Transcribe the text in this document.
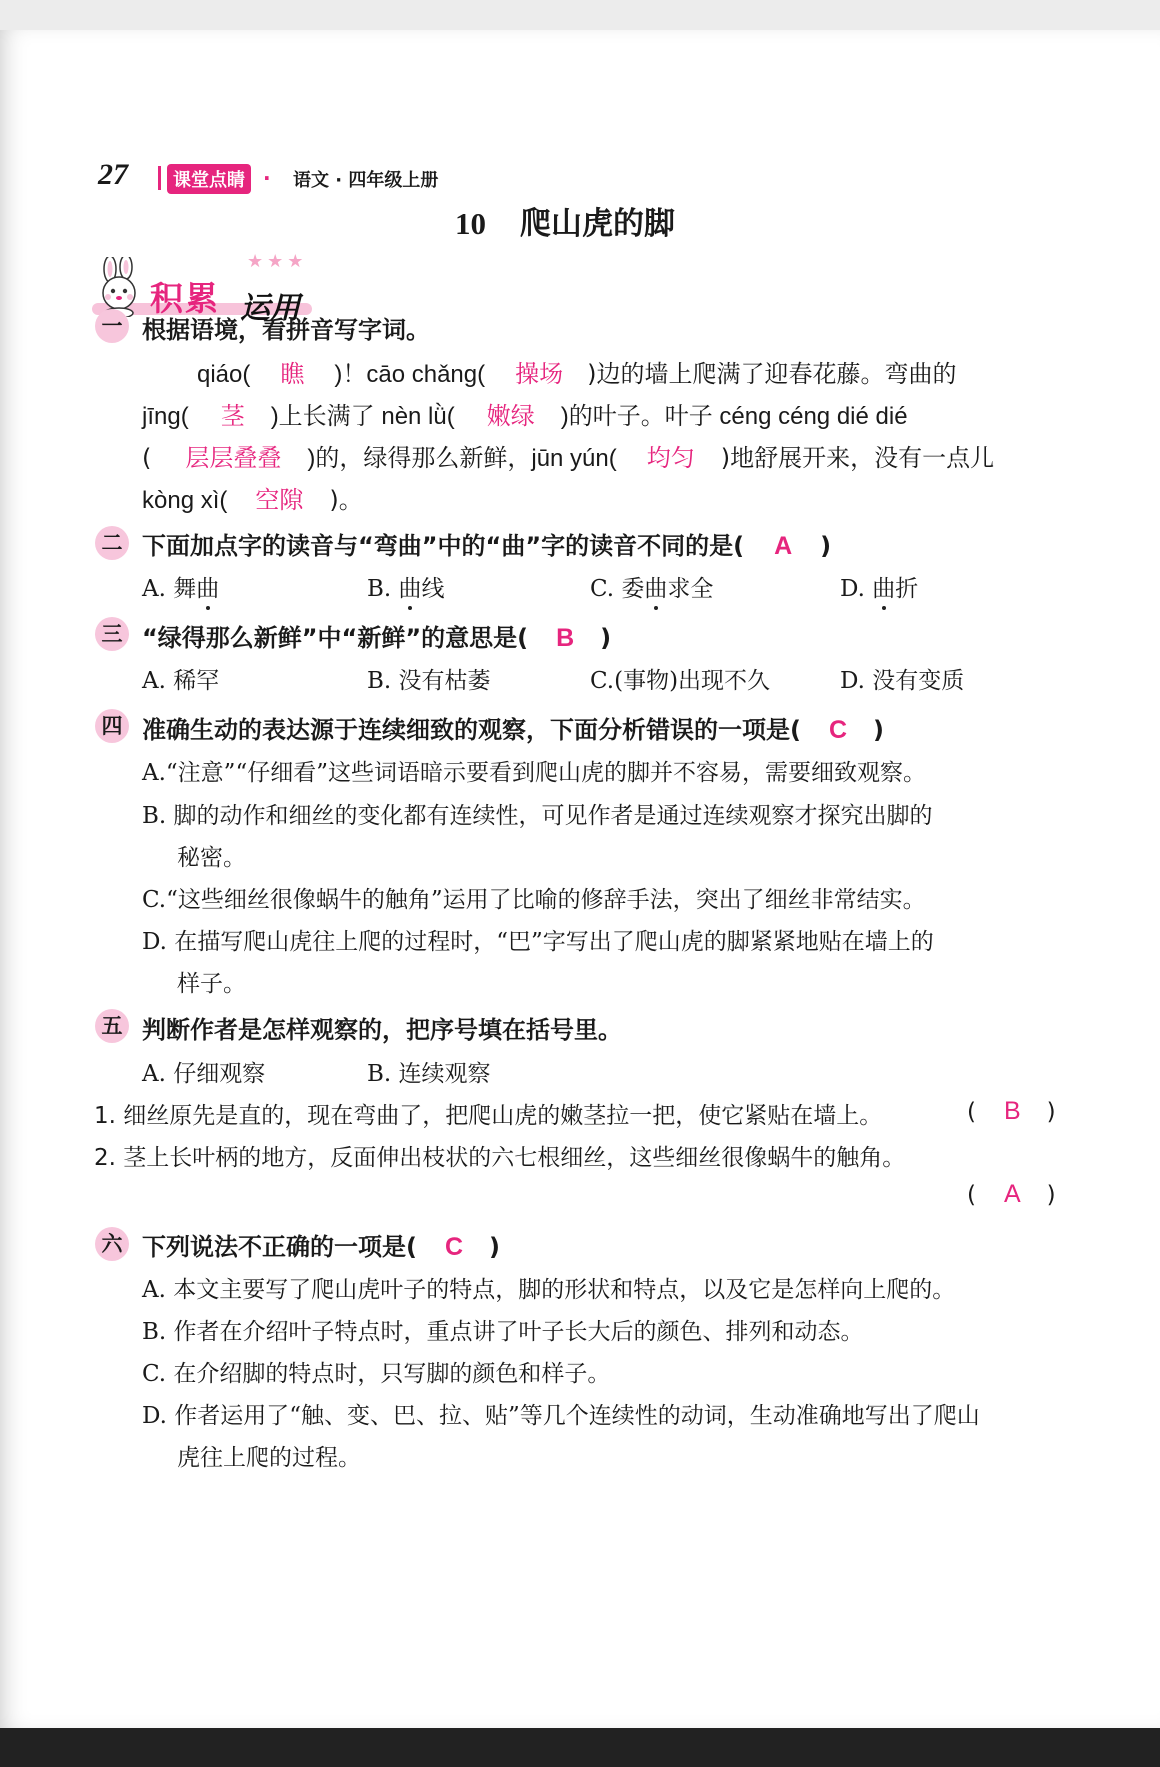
27	课堂点睛 · 语文 · 四年级上册
10 爬山虎的脚
积累 运用
★★★
一 根据语境，看拼音写字词。
qiáo( 瞧 )！cāo chǎng( 操场 )边的墙上爬满了迎春花藤。弯曲的
jīng( 茎 )上长满了 nèn lǜ( 嫩绿 )的叶子。叶子 céng céng dié dié
( 层层叠叠 )的，绿得那么新鲜，jūn yún( 均匀 )地舒展开来，没有一点儿
kòng xì( 空隙 )。
二 下面加点字的读音与“弯曲”中的“曲”字的读音不同的是( A )
A. 舞曲	B. 曲线	C. 委曲求全	D. 曲折
三 “绿得那么新鲜”中“新鲜”的意思是( B )
A. 稀罕	B. 没有枯萎	C.(事物)出现不久	D. 没有变质
四 准确生动的表达源于连续细致的观察，下面分析错误的一项是( C )
A.“注意”“仔细看”这些词语暗示要看到爬山虎的脚并不容易，需要细致观察。
B. 脚的动作和细丝的变化都有连续性，可见作者是通过连续观察才探究出脚的
秘密。
C.“这些细丝很像蜗牛的触角”运用了比喻的修辞手法，突出了细丝非常结实。
D. 在描写爬山虎往上爬的过程时，“巴”字写出了爬山虎的脚紧紧地贴在墙上的
样子。
五 判断作者是怎样观察的，把序号填在括号里。
A. 仔细观察	B. 连续观察
1. 细丝原先是直的，现在弯曲了，把爬山虎的嫩茎拉一把，使它紧贴在墙上。	( B )
2. 茎上长叶柄的地方，反面伸出枝状的六七根细丝，这些细丝很像蜗牛的触角。
( A )
六 下列说法不正确的一项是( C )
A. 本文主要写了爬山虎叶子的特点，脚的形状和特点，以及它是怎样向上爬的。
B. 作者在介绍叶子特点时，重点讲了叶子长大后的颜色、排列和动态。
C. 在介绍脚的特点时，只写脚的颜色和样子。
D. 作者运用了“触、变、巴、拉、贴”等几个连续性的动词，生动准确地写出了爬山
虎往上爬的过程。
